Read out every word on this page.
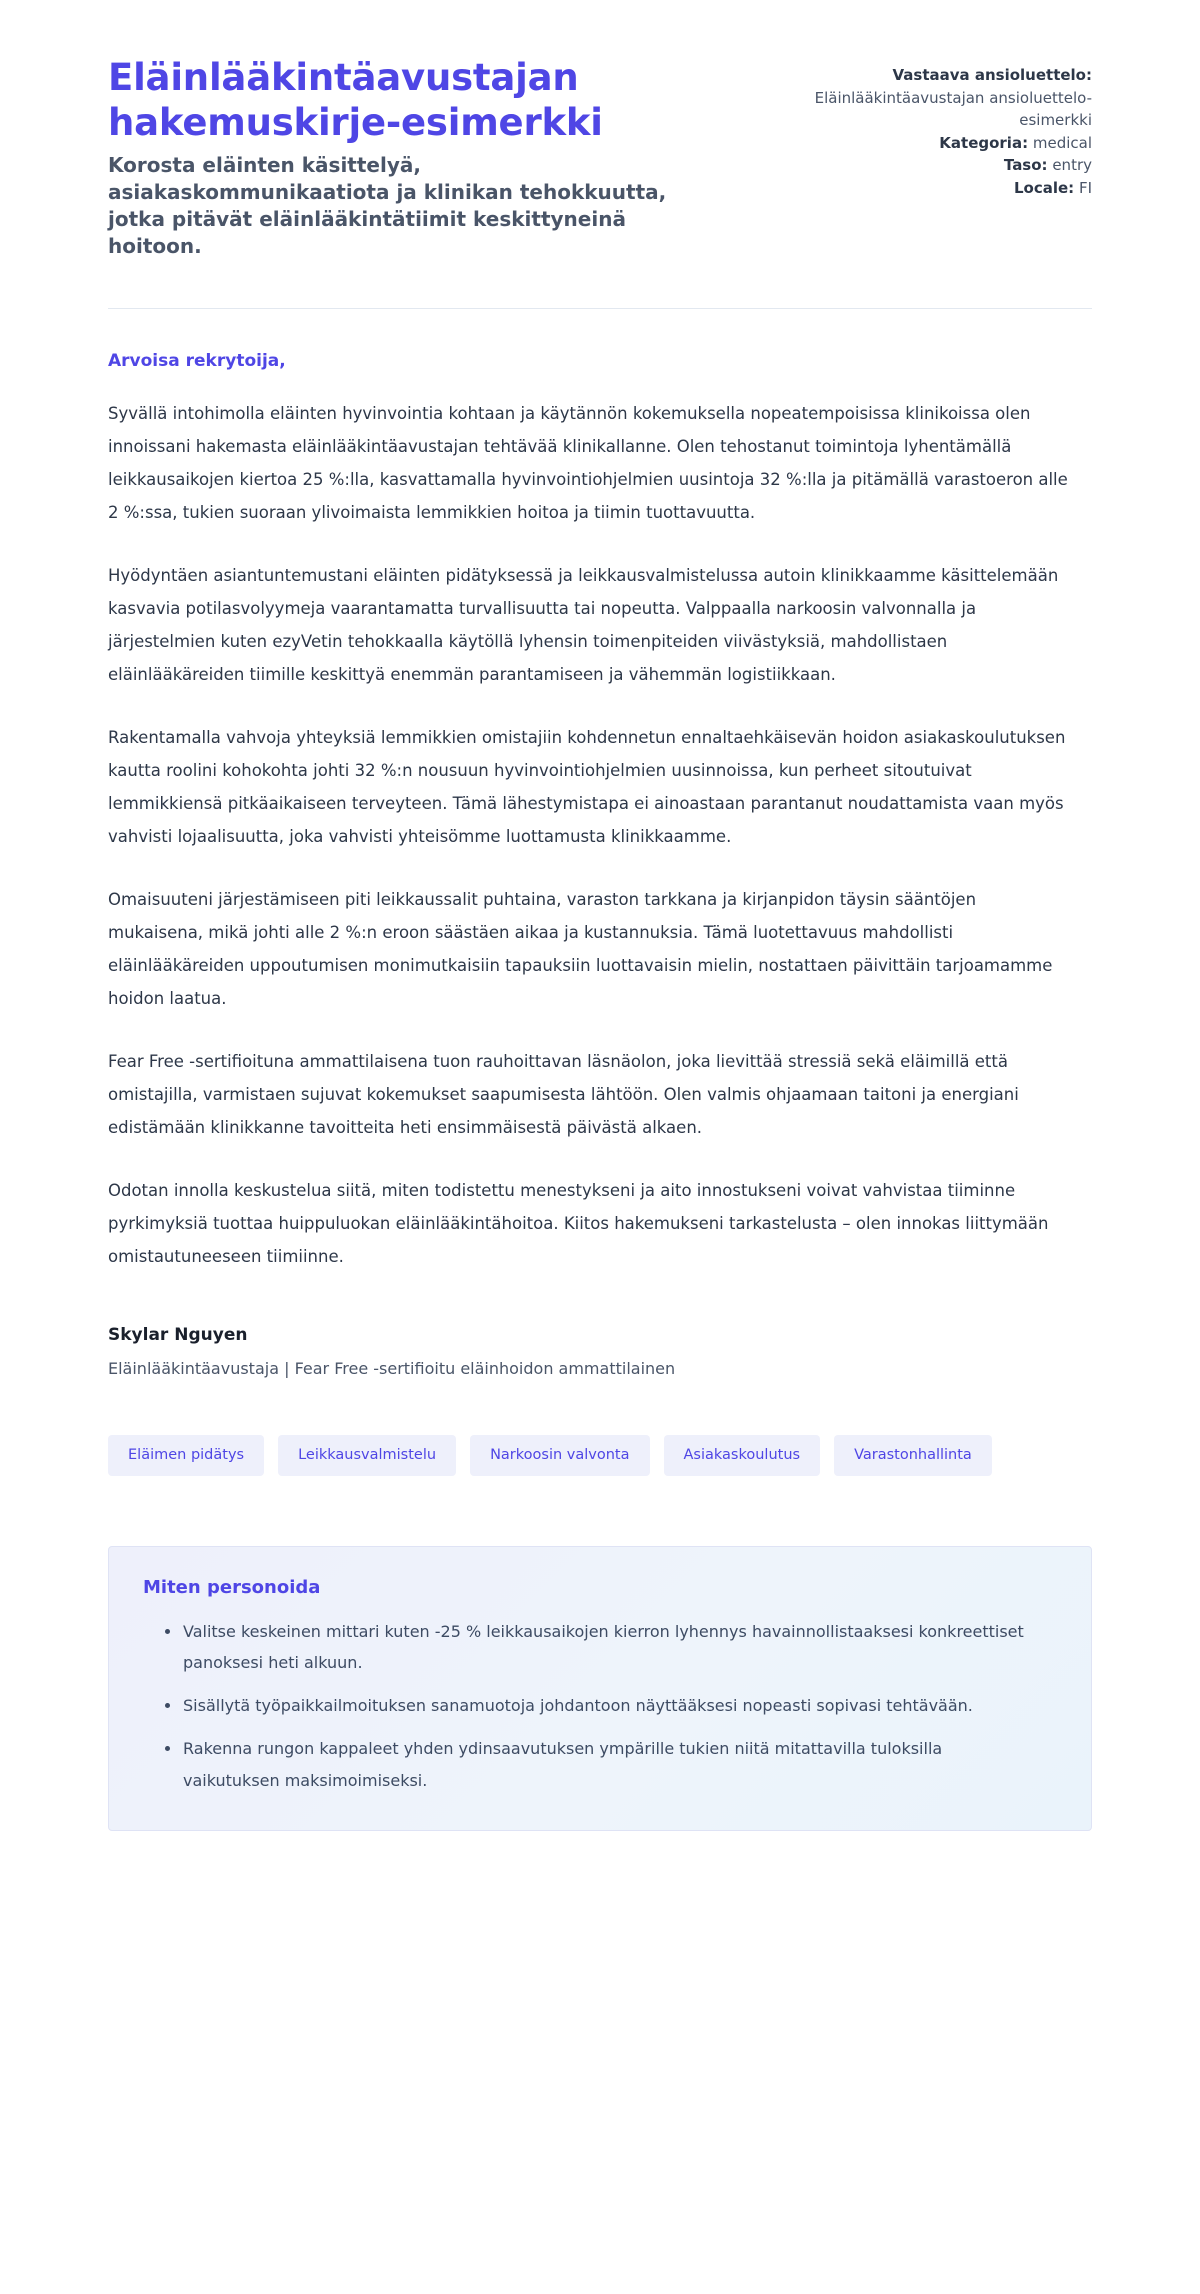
Eläinlääkintäavustajan hakemuskirje-esimerkki

Korosta eläinten käsittelyä, asiakaskommunikaatiota ja klinikan tehokkuutta, jotka pitävät eläinlääkintätiimit keskittyneinä hoitoon.

Vastaava ansioluettelo:
Eläinlääkintäavustajan ansioluettelo-esimerkki
Kategoria: medical
Taso: entry
Locale: FI

Arvoisa rekrytoija,

Syvällä intohimolla eläinten hyvinvointia kohtaan ja käytännön kokemuksella nopeatempoisissa klinikoissa olen innoissani hakemasta eläinlääkintäavustajan tehtävää klinikallanne. Olen tehostanut toimintoja lyhentämällä leikkausaikojen kiertoa 25 %:lla, kasvattamalla hyvinvointiohjelmien uusintoja 32 %:lla ja pitämällä varastoeron alle 2 %:ssa, tukien suoraan ylivoimaista lemmikkien hoitoa ja tiimin tuottavuutta.

Hyödyntäen asiantuntemustani eläinten pidätyksessä ja leikkausvalmistelussa autoin klinikkaamme käsittelemään kasvavia potilasvolyymeja vaarantamatta turvallisuutta tai nopeutta. Valppaalla narkoosin valvonnalla ja järjestelmien kuten ezyVetin tehokkaalla käytöllä lyhensin toimenpiteiden viivästyksiä, mahdollistaen eläinlääkäreiden tiimille keskittyä enemmän parantamiseen ja vähemmän logistiikkaan.

Rakentamalla vahvoja yhteyksiä lemmikkien omistajiin kohdennetun ennaltaehkäisevän hoidon asiakaskoulutuksen kautta roolini kohokohta johti 32 %:n nousuun hyvinvointiohjelmien uusinnoissa, kun perheet sitoutuivat lemmikkiensä pitkäaikaiseen terveyteen. Tämä lähestymistapa ei ainoastaan parantanut noudattamista vaan myös vahvisti lojaalisuutta, joka vahvisti yhteisömme luottamusta klinikkaamme.

Omaisuuteni järjestämiseen piti leikkaussalit puhtaina, varaston tarkkana ja kirjanpidon täysin sääntöjen mukaisena, mikä johti alle 2 %:n eroon säästäen aikaa ja kustannuksia. Tämä luotettavuus mahdollisti eläinlääkäreiden uppoutumisen monimutkaisiin tapauksiin luottavaisin mielin, nostattaen päivittäin tarjoamamme hoidon laatua.

Fear Free -sertifioituna ammattilaisena tuon rauhoittavan läsnäolon, joka lievittää stressiä sekä eläimillä että omistajilla, varmistaen sujuvat kokemukset saapumisesta lähtöön. Olen valmis ohjaamaan taitoni ja energiani edistämään klinikkanne tavoitteita heti ensimmäisestä päivästä alkaen.

Odotan innolla keskustelua siitä, miten todistettu menestykseni ja aito innostukseni voivat vahvistaa tiiminne pyrkimyksiä tuottaa huippuluokan eläinlääkintähoitoa. Kiitos hakemukseni tarkastelusta – olen innokas liittymään omistautuneeseen tiimiinne.

Skylar Nguyen

Eläinlääkintäavustaja | Fear Free -sertifioitu eläinhoidon ammattilainen

Eläimen pidätys	Leikkausvalmistelu	Narkoosin valvonta	Asiakaskoulutus	Varastonhallinta

Miten personoida

Valitse keskeinen mittari kuten -25 % leikkausaikojen kierron lyhennys havainnollistaaksesi konkreettiset panoksesi heti alkuun.
Sisällytä työpaikkailmoituksen sanamuotoja johdantoon näyttääksesi nopeasti sopivasi tehtävään.
Rakenna rungon kappaleet yhden ydinsaavutuksen ympärille tukien niitä mitattavilla tuloksilla vaikutuksen maksimoimiseksi.
